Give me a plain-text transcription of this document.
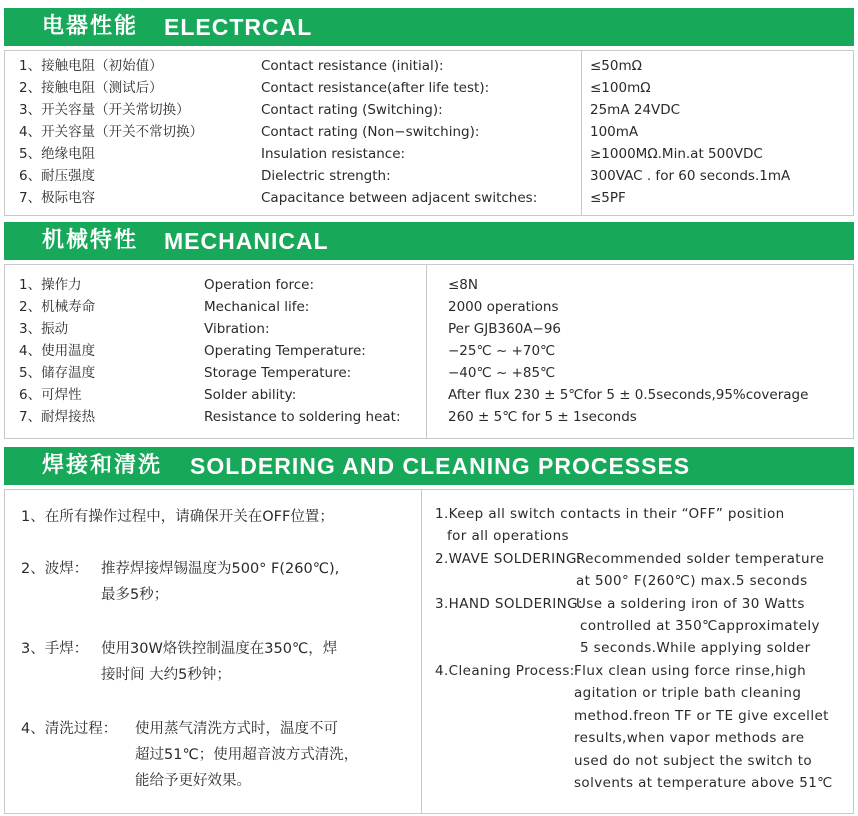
电器性能 ELECTRCAL
1、接触电阻（初始值）	Contact resistance (initial):	≤50mΩ
2、接触电阻（测试后）	Contact resistance(after life test):	≤100mΩ
3、开关容量（开关常切换）	Contact rating (Switching):	25mA 24VDC
4、开关容量（开关不常切换）	Contact rating (Non−switching):	100mA
5、绝缘电阻	Insulation resistance:	≥1000MΩ.Min.at 500VDC
6、耐压强度	Dielectric strength:	300VAC . for 60 seconds.1mA
7、极际电容	Capacitance between adjacent switches:	≤5PF
机械特性 MECHANICAL
1、操作力	Operation force:	≤8N
2、机械寿命	Mechanical life:	2000 operations
3、振动	Vibration:	Per GJB360A−96
4、使用温度	Operating Temperature:	−25℃ ~ +70℃
5、储存温度	Storage Temperature:	−40℃ ~ +85℃
6、可焊性	Solder ability:	After flux 230 ± 5℃for 5 ± 0.5seconds,95%coverage
7、耐焊接热	Resistance to soldering heat:	260 ± 5℃ for 5 ± 1seconds
焊接和清洗 SOLDERING AND CLEANING PROCESSES
1、在所有操作过程中，请确保开关在OFF位置；
2、波焊： 推荐焊接焊锡温度为500° F(260℃),
最多5秒；
3、手焊： 使用30W烙铁控制温度在350℃，焊
接时间 大约5秒钟；
4、清洗过程： 使用蒸气清洗方式时，温度不可
超过51℃；使用超音波方式清洗，
能给予更好效果。
1.Keep all switch contacts in their “OFF” position
for all operations
2.WAVE SOLDERING:
Recommended solder temperature
at 500° F(260℃) max.5 seconds
3.HAND SOLDERING:
Use a soldering iron of 30 Watts
controlled at 350℃approximately
5 seconds.While applying solder
4.Cleaning Process: Flux clean using force rinse,high
agitation or triple bath cleaning
method.freon TF or TE give excellet
results,when vapor methods are
used do not subject the switch to
solvents at temperature above 51℃
